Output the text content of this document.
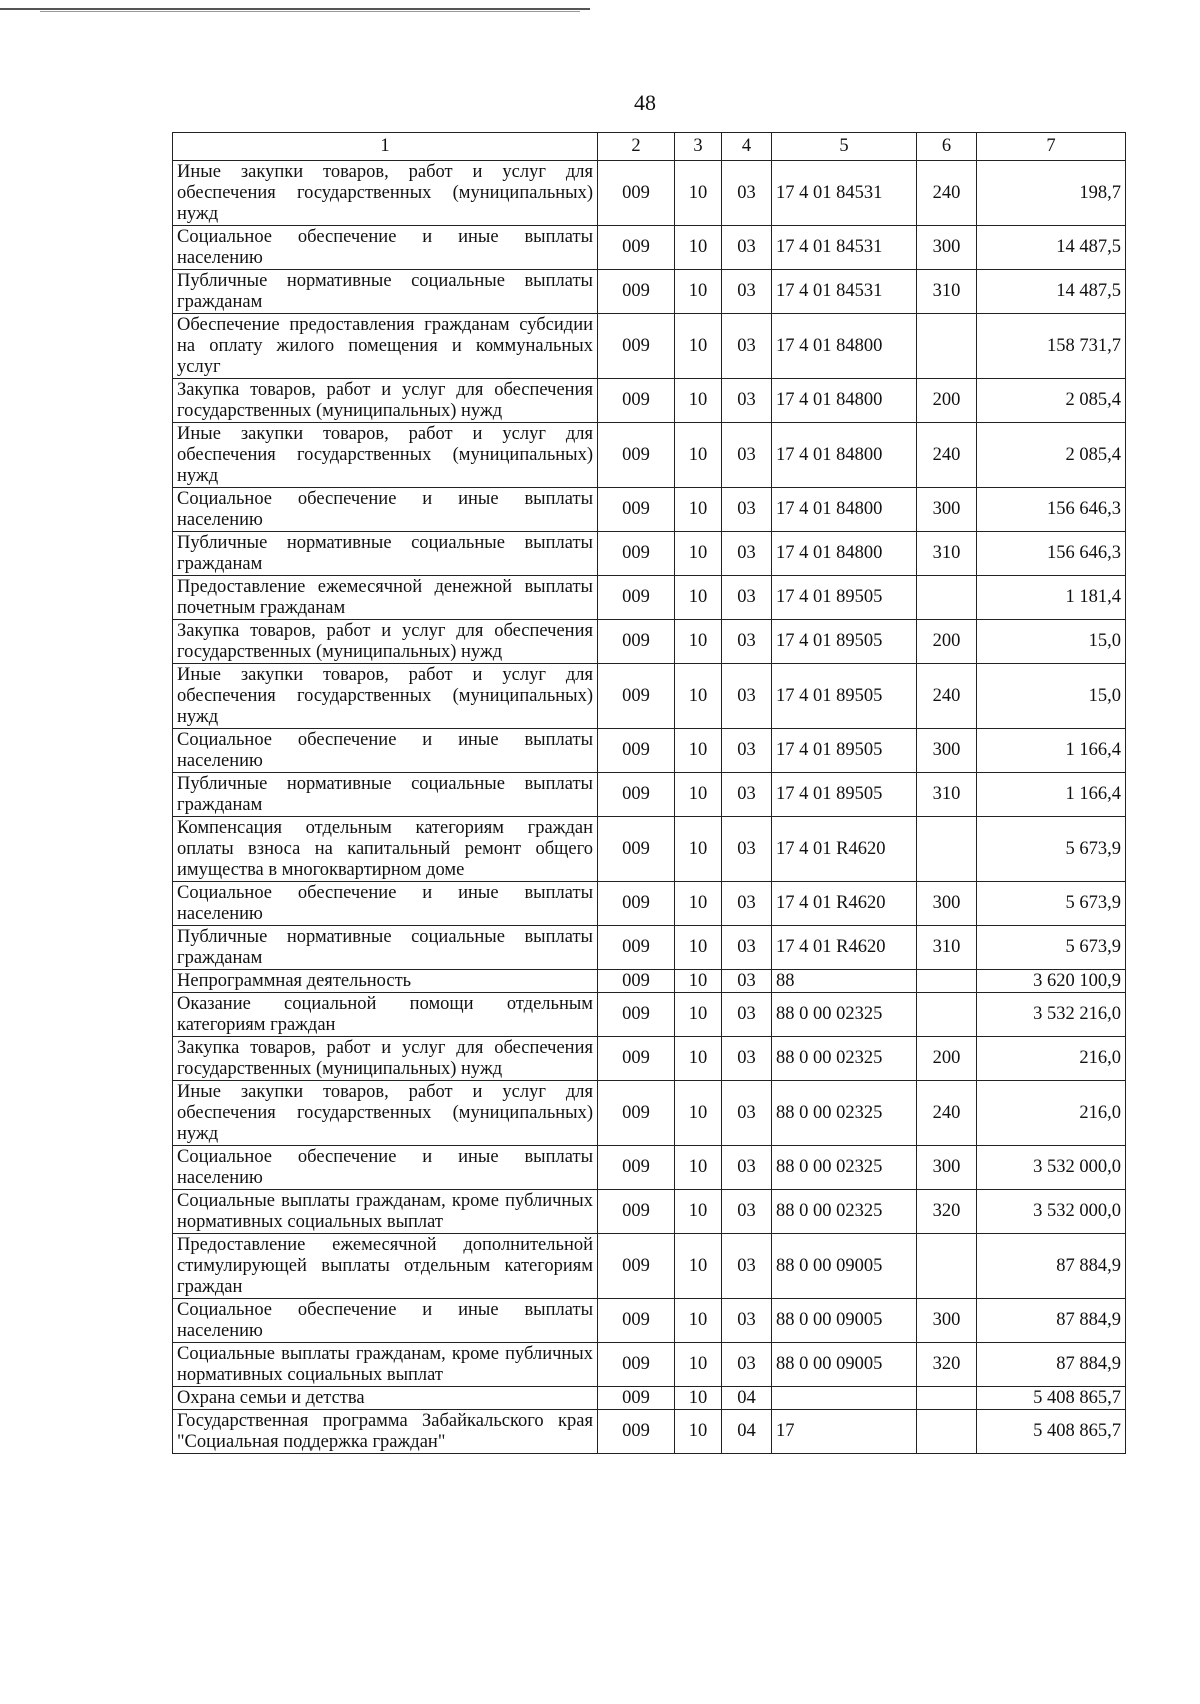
48
1	2	3	4	5	6	7
Иные закупки товаров, работ и услуг для обеспечения государственных (муниципальных) нужд	009	10	03	17 4 01 84531	240	198,7
Социальное обеспечение и иные выплаты населению	009	10	03	17 4 01 84531	300	14 487,5
Публичные нормативные социальные выплаты гражданам	009	10	03	17 4 01 84531	310	14 487,5
Обеспечение предоставления гражданам субсидии на оплату жилого помещения и коммунальных услуг	009	10	03	17 4 01 84800		158 731,7
Закупка товаров, работ и услуг для обеспечения государственных (муниципальных) нужд	009	10	03	17 4 01 84800	200	2 085,4
Иные закупки товаров, работ и услуг для обеспечения государственных (муниципальных) нужд	009	10	03	17 4 01 84800	240	2 085,4
Социальное обеспечение и иные выплаты населению	009	10	03	17 4 01 84800	300	156 646,3
Публичные нормативные социальные выплаты гражданам	009	10	03	17 4 01 84800	310	156 646,3
Предоставление ежемесячной денежной выплаты почетным гражданам	009	10	03	17 4 01 89505		1 181,4
Закупка товаров, работ и услуг для обеспечения государственных (муниципальных) нужд	009	10	03	17 4 01 89505	200	15,0
Иные закупки товаров, работ и услуг для обеспечения государственных (муниципальных) нужд	009	10	03	17 4 01 89505	240	15,0
Социальное обеспечение и иные выплаты населению	009	10	03	17 4 01 89505	300	1 166,4
Публичные нормативные социальные выплаты гражданам	009	10	03	17 4 01 89505	310	1 166,4
Компенсация отдельным категориям граждан оплаты взноса на капитальный ремонт общего имущества в многоквартирном доме	009	10	03	17 4 01 R4620		5 673,9
Социальное обеспечение и иные выплаты населению	009	10	03	17 4 01 R4620	300	5 673,9
Публичные нормативные социальные выплаты гражданам	009	10	03	17 4 01 R4620	310	5 673,9
Непрограммная деятельность	009	10	03	88		3 620 100,9
Оказание социальной помощи отдельным категориям граждан	009	10	03	88 0 00 02325		3 532 216,0
Закупка товаров, работ и услуг для обеспечения государственных (муниципальных) нужд	009	10	03	88 0 00 02325	200	216,0
Иные закупки товаров, работ и услуг для обеспечения государственных (муниципальных) нужд	009	10	03	88 0 00 02325	240	216,0
Социальное обеспечение и иные выплаты населению	009	10	03	88 0 00 02325	300	3 532 000,0
Социальные выплаты гражданам, кроме публичных нормативных социальных выплат	009	10	03	88 0 00 02325	320	3 532 000,0
Предоставление ежемесячной дополнительной стимулирующей выплаты отдельным категориям граждан	009	10	03	88 0 00 09005		87 884,9
Социальное обеспечение и иные выплаты населению	009	10	03	88 0 00 09005	300	87 884,9
Социальные выплаты гражданам, кроме публичных нормативных социальных выплат	009	10	03	88 0 00 09005	320	87 884,9
Охрана семьи и детства	009	10	04			5 408 865,7
Государственная программа Забайкальского края "Социальная поддержка граждан"	009	10	04	17		5 408 865,7
